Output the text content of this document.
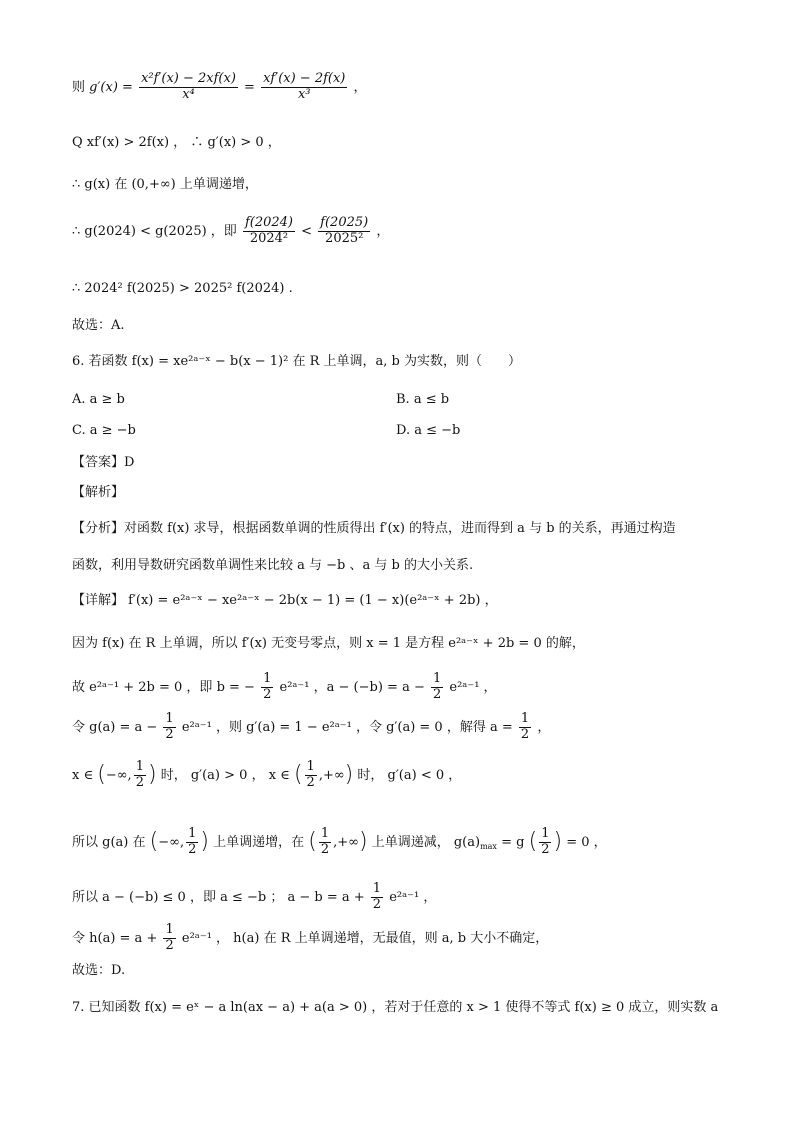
则 $g'(x) = \frac{\text{x²f′(x) − 2xf(x)}}{\text{x⁴}} = \frac{xf'(x) - 2f(x)}{\text{x³}}$ ，
Q xf′(x) > 2f(x) ， ∴ g′(x) > 0 ，
∴ g(x) 在 (0,+∞) 上单调递增，
∴ g(2024) < g(2025) ，即 $\frac{f(2024)}{\text{2024²}} < \frac{f(2025)}{\text{2025²}}$ ，
∴ 2024² f(2025) > 2025² f(2024) .
故选：A.
6. 若函数 f(x) = xe²ᵃ⁻ˣ − b(x − 1)² 在 R 上单调，a, b 为实数，则（　　）
A. a ≥ b	B. a ≤ b
C. a ≥ −b	D. a ≤ −b
【答案】D
【解析】
【分析】对函数 f(x) 求导，根据函数单调的性质得出 f′(x) 的特点，进而得到 a 与 b 的关系，再通过构造
函数，利用导数研究函数单调性来比较 a 与 −b 、a 与 b 的大小关系.
【详解】 f′(x) = e²ᵃ⁻ˣ − xe²ᵃ⁻ˣ − 2b(x − 1) = (1 − x)(e²ᵃ⁻ˣ + 2b) ，
因为 f(x) 在 R 上单调，所以 f′(x) 无变号零点，则 x = 1 是方程 e²ᵃ⁻ˣ + 2b = 0 的解，
故 e²ᵃ⁻¹ + 2b = 0 ，即 b = − $\frac{1}{2}$ e²ᵃ⁻¹ ，$a - (-b) = a - \frac{1}{2}$ e²ᵃ⁻¹ ，
令 $g(a) = a - \frac{1}{2}$ e²ᵃ⁻¹ ，则 g′(a) = 1 − e²ᵃ⁻¹ ，令 g′(a) = 0 ，解得 $a = \frac{1}{2}$ ，
x ∈ (−∞, $\frac{1}{2}$ ) 时， g′(a) > 0 ， x ∈ ( $\frac{1}{2}$ ,+∞) 时， g′(a) < 0 ，
所以 g(a) 在 (−∞, $\frac{1}{2}$ ) 上单调递增，在 ( $\frac{1}{2}$ ,+∞) 上单调递减， $g(a)_{max} = g$ ( $\frac{1}{2}$ ) = 0 ，
所以 a − (−b) ≤ 0 ，即 a ≤ −b ； $a - b = a + \frac{1}{2}$ e²ᵃ⁻¹ ，
令 $h(a) = a + \frac{1}{2}$ e²ᵃ⁻¹ ， h(a) 在 R 上单调递增，无最值，则 a, b 大小不确定，
故选：D.
7. 已知函数 f(x) = eˣ − a ln(ax − a) + a(a > 0) ，若对于任意的 x > 1 使得不等式 f(x) ≥ 0 成立，则实数 a
